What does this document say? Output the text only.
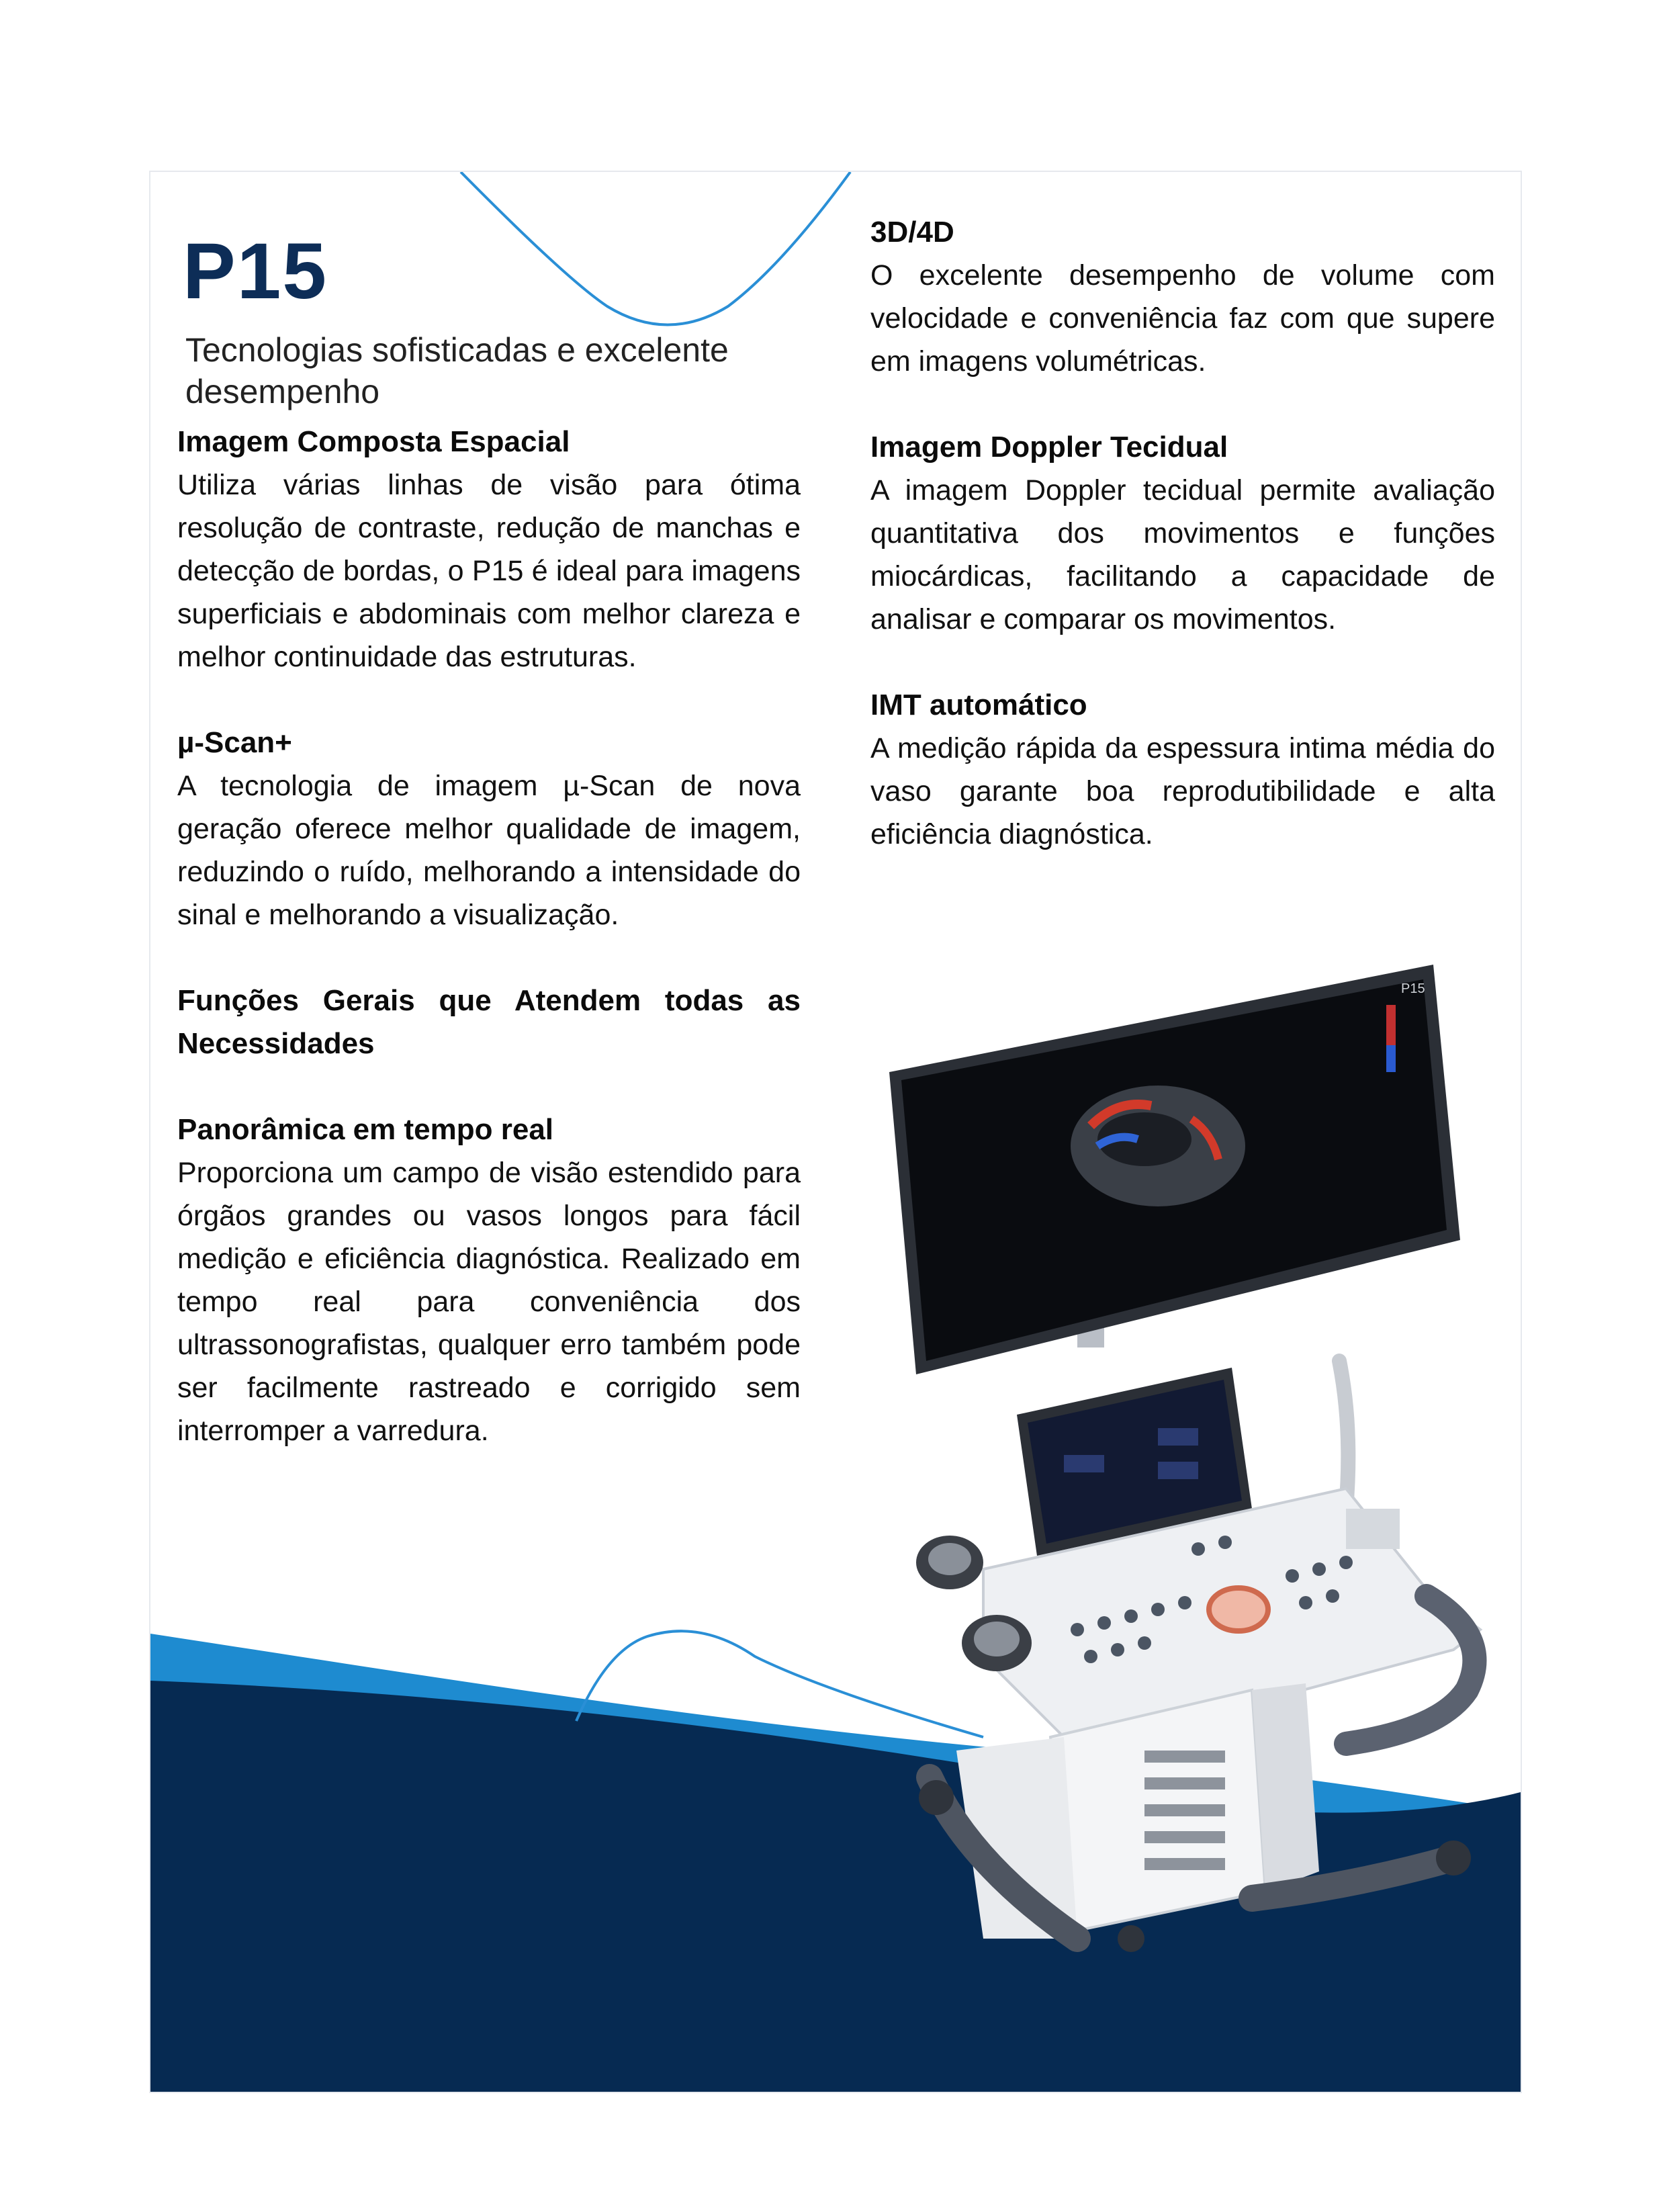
P15
Tecnologias sofisticadas e excelente desempenho
Imagem Composta Espacial

Utiliza várias linhas de visão para ótima resolução de contraste, redução de manchas e detecção de bordas, o P15 é ideal para imagens superficiais e abdominais com melhor clareza e melhor continuidade das estruturas.

µ-Scan+

A tecnologia de imagem µ-Scan de nova geração oferece melhor qualidade de imagem, reduzindo o ruído, melhorando a intensidade do sinal e melhorando a visualização.

Funções Gerais que Atendem todas as Necessidades
Panorâmica em tempo real

Proporciona um campo de visão estendido para órgãos grandes ou vasos longos para fácil medição e eficiência diagnóstica. Realizado em tempo real para conveniência dos ultrassonografistas, qualquer erro também pode ser facilmente rastreado e corrigido sem interromper a varredura.

3D/4D

O excelente desempenho de volume com velocidade e conveniência faz com que supere em imagens volumétricas.

Imagem Doppler Tecidual

A imagem Doppler tecidual permite avaliação quantitativa dos movimentos e funções miocárdicas, facilitando a capacidade de analisar e comparar os movimentos.

IMT automático

A medição rápida da espessura intima média do vaso garante boa reprodutibilidade e alta eficiência diagnóstica.

P15
